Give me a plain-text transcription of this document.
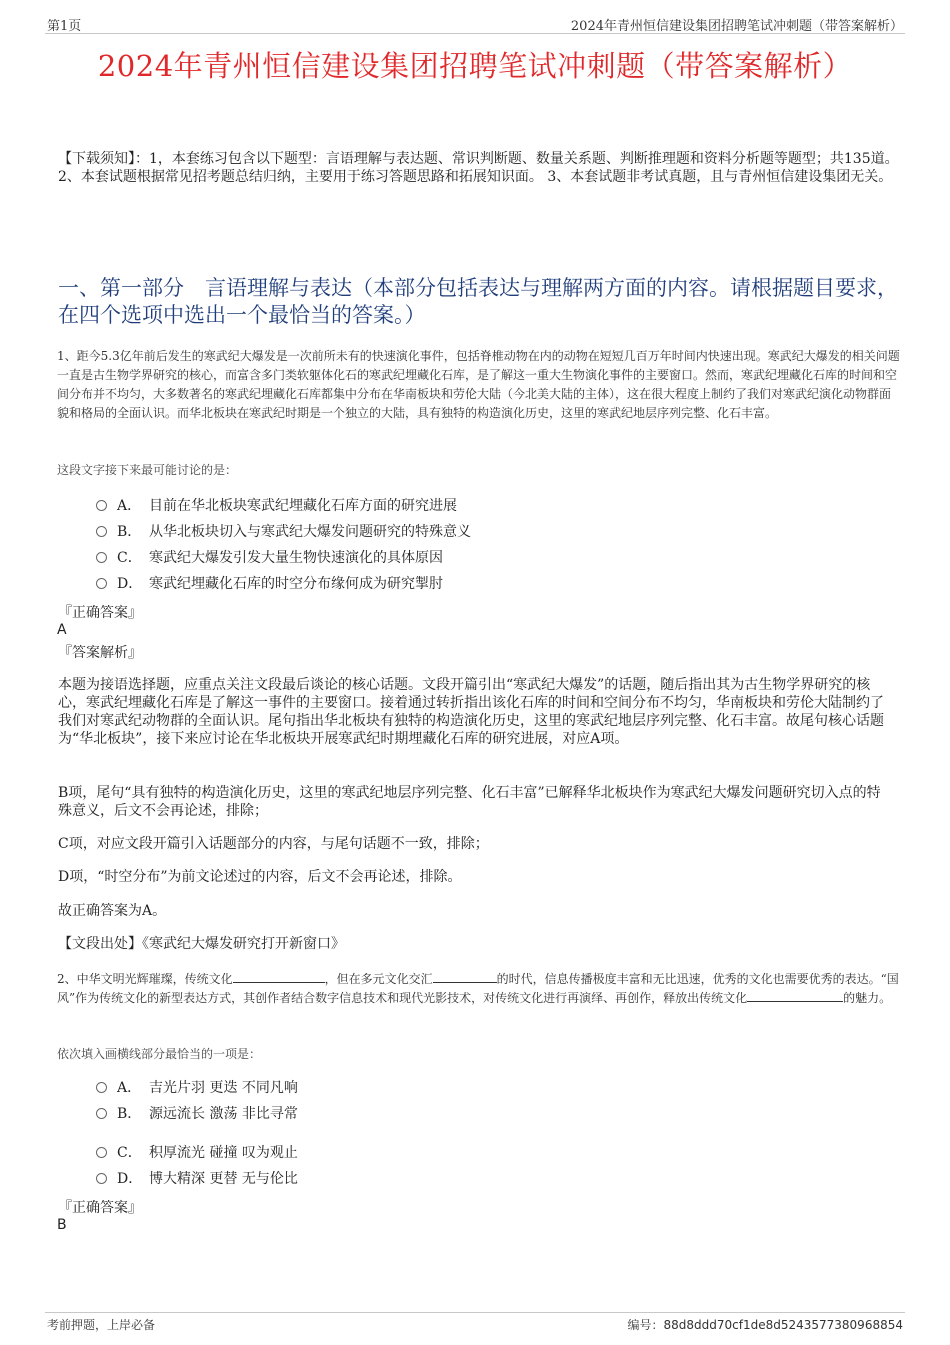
第1页	2024年青州恒信建设集团招聘笔试冲刺题（带答案解析）
2024年青州恒信建设集团招聘笔试冲刺题（带答案解析）
【下载须知】：1，本套练习包含以下题型：言语理解与表达题、常识判断题、数量关系题、判断推理题和资料分析题等题型；共135道。 2、本套试题根据常见招考题总结归纳，主要用于练习答题思路和拓展知识面。 3、本套试题非考试真题，且与青州恒信建设集团无关。
一、第一部分　言语理解与表达（本部分包括表达与理解两方面的内容。请根据题目要求，在四个选项中选出一个最恰当的答案。）
1、距今5.3亿年前后发生的寒武纪大爆发是一次前所未有的快速演化事件，包括脊椎动物在内的动物在短短几百万年时间内快速出现。寒武纪大爆发的相关问题一直是古生物学界研究的核心，而富含多门类软躯体化石的寒武纪埋藏化石库，是了解这一重大生物演化事件的主要窗口。然而，寒武纪埋藏化石库的时间和空间分布并不均匀，大多数著名的寒武纪埋藏化石库都集中分布在华南板块和劳伦大陆（今北美大陆的主体），这在很大程度上制约了我们对寒武纪演化动物群面貌和格局的全面认识。而华北板块在寒武纪时期是一个独立的大陆，具有独特的构造演化历史，这里的寒武纪地层序列完整、化石丰富。
这段文字接下来最可能讨论的是：
A． 目前在华北板块寒武纪埋藏化石库方面的研究进展
B． 从华北板块切入与寒武纪大爆发问题研究的特殊意义
C． 寒武纪大爆发引发大量生物快速演化的具体原因
D． 寒武纪埋藏化石库的时空分布缘何成为研究掣肘
『正确答案』
A
『答案解析』
本题为接语选择题，应重点关注文段最后谈论的核心话题。文段开篇引出“寒武纪大爆发”的话题，随后指出其为古生物学界研究的核心，寒武纪埋藏化石库是了解这一事件的主要窗口。接着通过转折指出该化石库的时间和空间分布不均匀，华南板块和劳伦大陆制约了我们对寒武纪动物群的全面认识。尾句指出华北板块有独特的构造演化历史，这里的寒武纪地层序列完整、化石丰富。故尾句核心话题为“华北板块”，接下来应讨论在华北板块开展寒武纪时期埋藏化石库的研究进展，对应A项。
B项，尾句“具有独特的构造演化历史，这里的寒武纪地层序列完整、化石丰富”已解释华北板块作为寒武纪大爆发问题研究切入点的特殊意义，后文不会再论述，排除；
C项，对应文段开篇引入话题部分的内容，与尾句话题不一致，排除；
D项，“时空分布”为前文论述过的内容，后文不会再论述，排除。
故正确答案为A。
【文段出处】《寒武纪大爆发研究打开新窗口》
2、中华文明光辉璀璨，传统文化	，但在多元文化交汇	的时代，信息传播极度丰富和无比迅速，优秀的文化也需要优秀的表达。“国风”作为传统文化的新型表达方式，其创作者结合数字信息技术和现代光影技术，对传统文化进行再演绎、再创作，释放出传统文化	的魅力。
依次填入画横线部分最恰当的一项是：
A． 吉光片羽 更迭 不同凡响
B． 源远流长 激荡 非比寻常
C． 积厚流光 碰撞 叹为观止
D． 博大精深 更替 无与伦比
『正确答案』
B
考前押题，上岸必备	编号：88d8ddd70cf1de8d5243577380968854
